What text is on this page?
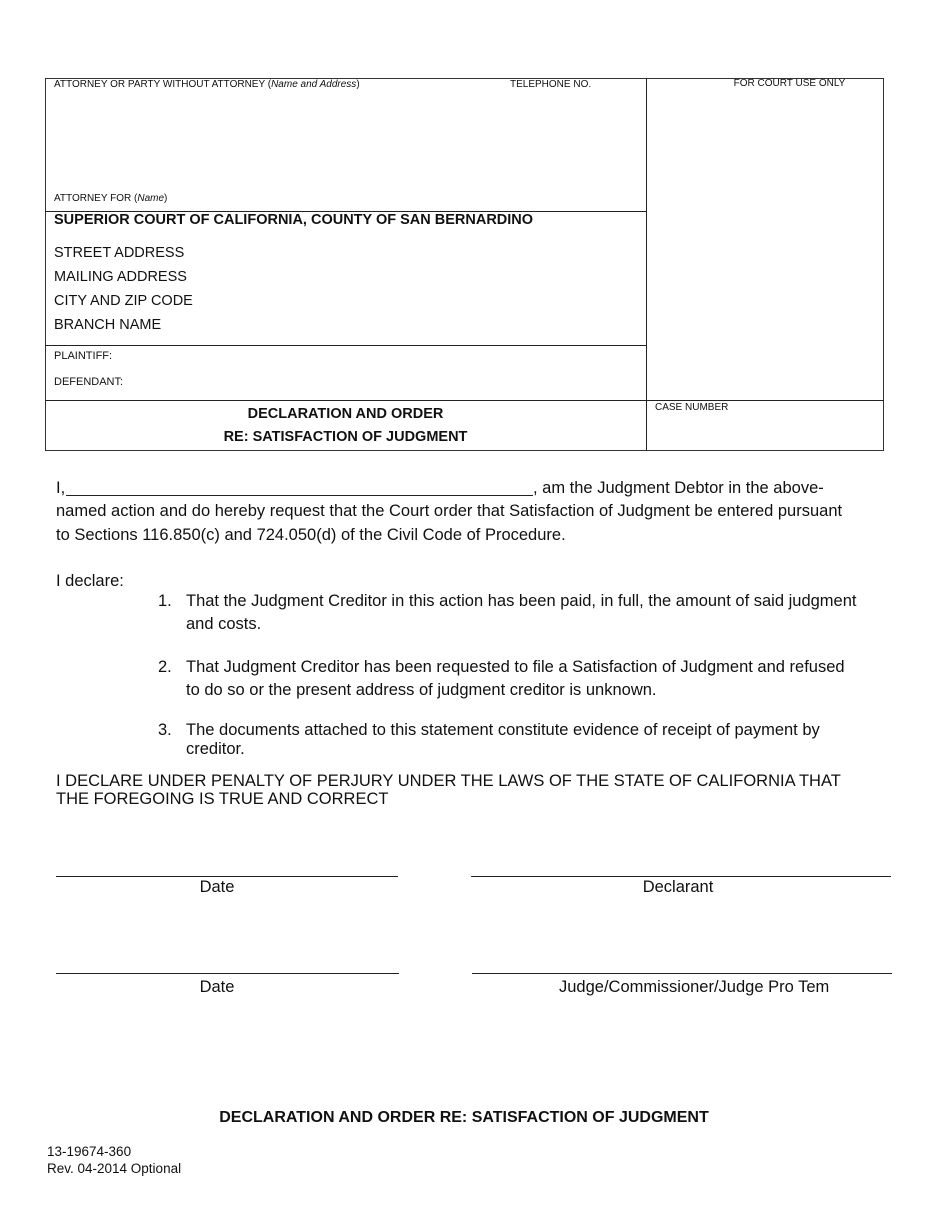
ATTORNEY OR PARTY WITHOUT ATTORNEY (Name and Address)	TELEPHONE NO.	FOR COURT USE ONLY
ATTORNEY FOR (Name)
SUPERIOR COURT OF CALIFORNIA, COUNTY OF SAN BERNARDINO
STREET ADDRESS
MAILING ADDRESS
CITY AND ZIP CODE
BRANCH NAME
PLAINTIFF:
DEFENDANT:
DECLARATION AND ORDER
RE: SATISFACTION OF JUDGMENT
CASE NUMBER
I,	, am the Judgment Debtor in the above-
named action and do hereby request that the Court order that Satisfaction of Judgment be entered pursuant
to Sections 116.850(c) and 724.050(d) of the Civil Code of Procedure.
I declare:
1. That the Judgment Creditor in this action has been paid, in full, the amount of said judgment
and costs.
2. That Judgment Creditor has been requested to file a Satisfaction of Judgment and refused
to do so or the present address of judgment creditor is unknown.
3. The documents attached to this statement constitute evidence of receipt of payment by
creditor.
I DECLARE UNDER PENALTY OF PERJURY UNDER THE LAWS OF THE STATE OF CALIFORNIA THAT
THE FOREGOING IS TRUE AND CORRECT
Date	Declarant
Date	Judge/Commissioner/Judge Pro Tem
DECLARATION AND ORDER RE: SATISFACTION OF JUDGMENT
13-19674-360
Rev. 04-2014 Optional
